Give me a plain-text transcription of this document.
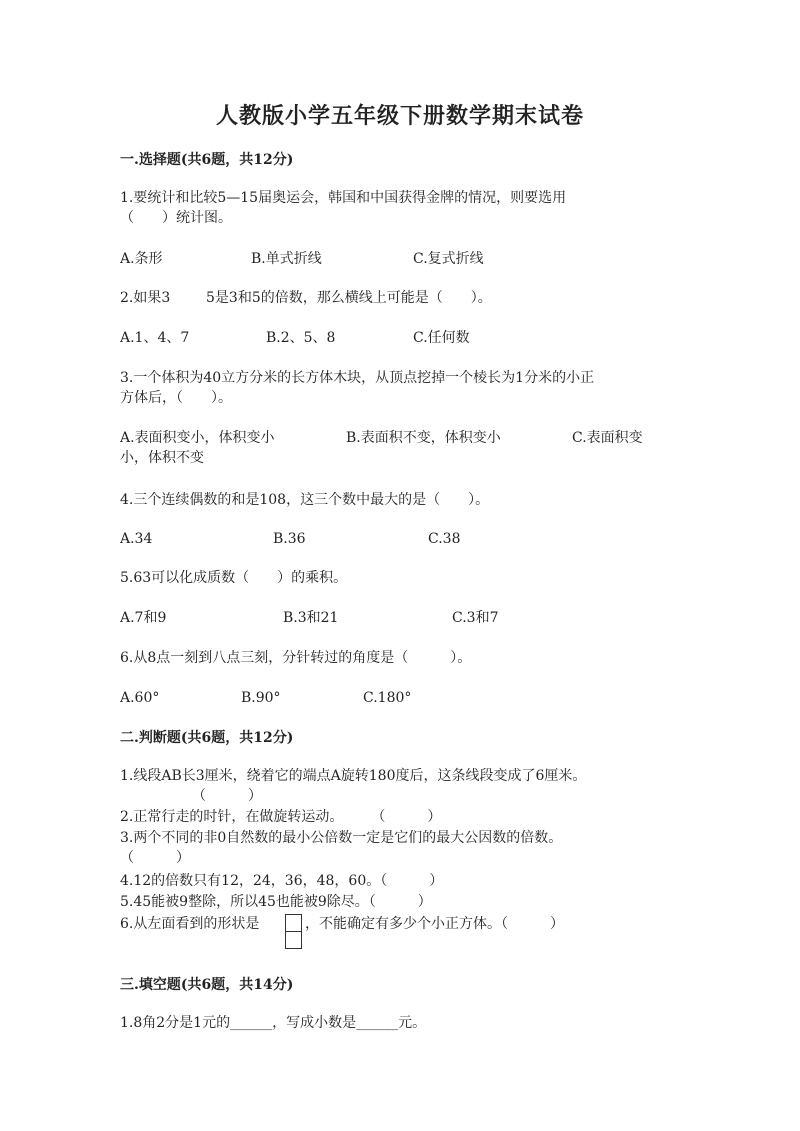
人教版小学五年级下册数学期末试卷
一.选择题(共6题，共12分)
1.要统计和比较5—15届奥运会，韩国和中国获得金牌的情况，则要选用
（　　）统计图。
A.条形	B.单式折线	C.复式折线
2.如果3	5是3和5的倍数，那么横线上可能是（　　）。
A.1、4、7	B.2、5、8	C.任何数
3.一个体积为40立方分米的长方体木块，从顶点挖掉一个棱长为1分米的小正
方体后，（　　）。
A.表面积变小，体积变小	B.表面积不变，体积变小	C.表面积变
小，体积不变
4.三个连续偶数的和是108，这三个数中最大的是（　　）。
A.34	B.36	C.38
5.63可以化成质数（　　）的乘积。
A.7和9	B.3和21	C.3和7
6.从8点一刻到八点三刻，分针转过的角度是（　　　）。
A.60°	B.90°	C.180°
二.判断题(共6题，共12分)
1.线段AB长3厘米，绕着它的端点A旋转180度后，这条线段变成了6厘米。
（　　　）
2.正常行走的时针，在做旋转运动。　　　（　　　）
3.两个不同的非0自然数的最小公倍数一定是它们的最大公因数的倍数。
（　　　）
4.12的倍数只有12，24，36，48，60。（　　　）
5.45能被9整除，所以45也能被9除尽。（　　　）
6.从左面看到的形状是	，不能确定有多少个小正方体。（　　　）
三.填空题(共6题，共14分)
1.8角2分是1元的______，写成小数是______元。
